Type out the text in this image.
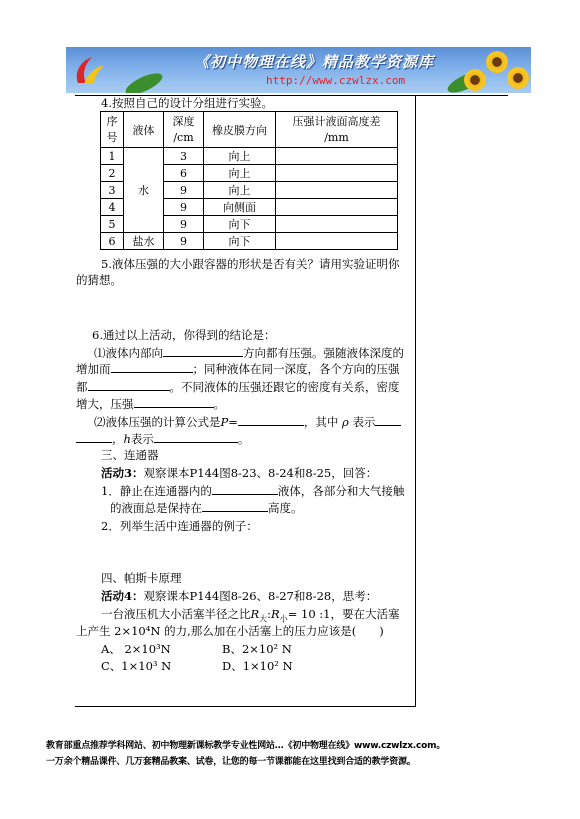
《初中物理在线》精品教学资源库
http://www.czwlzx.com
4.按照自己的设计分组进行实验。
序
号	液体	深度
/cm	橡皮膜方向	压强计液面高度差
/mm
1	水	3	向上	
2		6	向上	
3		9	向上	
4		9	向侧面	
5		9	向下	
6	盐水	9	向下	
5.液体压强的大小跟容器的形状是否有关？请用实验证明你
的猜想。
6.通过以上活动，你得到的结论是：
⑴液体内部向	方向都有压强。强随液体深度的
增加而	；同种液体在同一深度，各个方向的压强
都	。不同液体的压强还跟它的密度有关系，密度
增大，压强	。
⑵液体压强的计算公式是P=	，其中 ρ 表示
，h表示	。
三、连通器
活动3：观察课本P144图8-23、8-24和8-25，回答：
1．静止在连通器内的	液体，各部分和大气接触
的液面总是保持在	高度。
2．列举生活中连通器的例子：
四、帕斯卡原理
活动4：观察课本P144图8-26、8-27和8-28，思考：
一台液压机大小活塞半径之比$R_大:R_小= 10$ :1，要在大活塞
上产生 2×10⁴N 的力,那么加在小活塞上的压力应该是(　　)
A、 2×10³N	B、2×10² N
C、1×10³ N	D、1×10² N
教育部重点推荐学科网站、初中物理新课标教学专业性网站…《初中物理在线》www.czwlzx.com。
一万余个精品课件、几万套精品教案、试卷，让您的每一节课都能在这里找到合适的教学资源。
